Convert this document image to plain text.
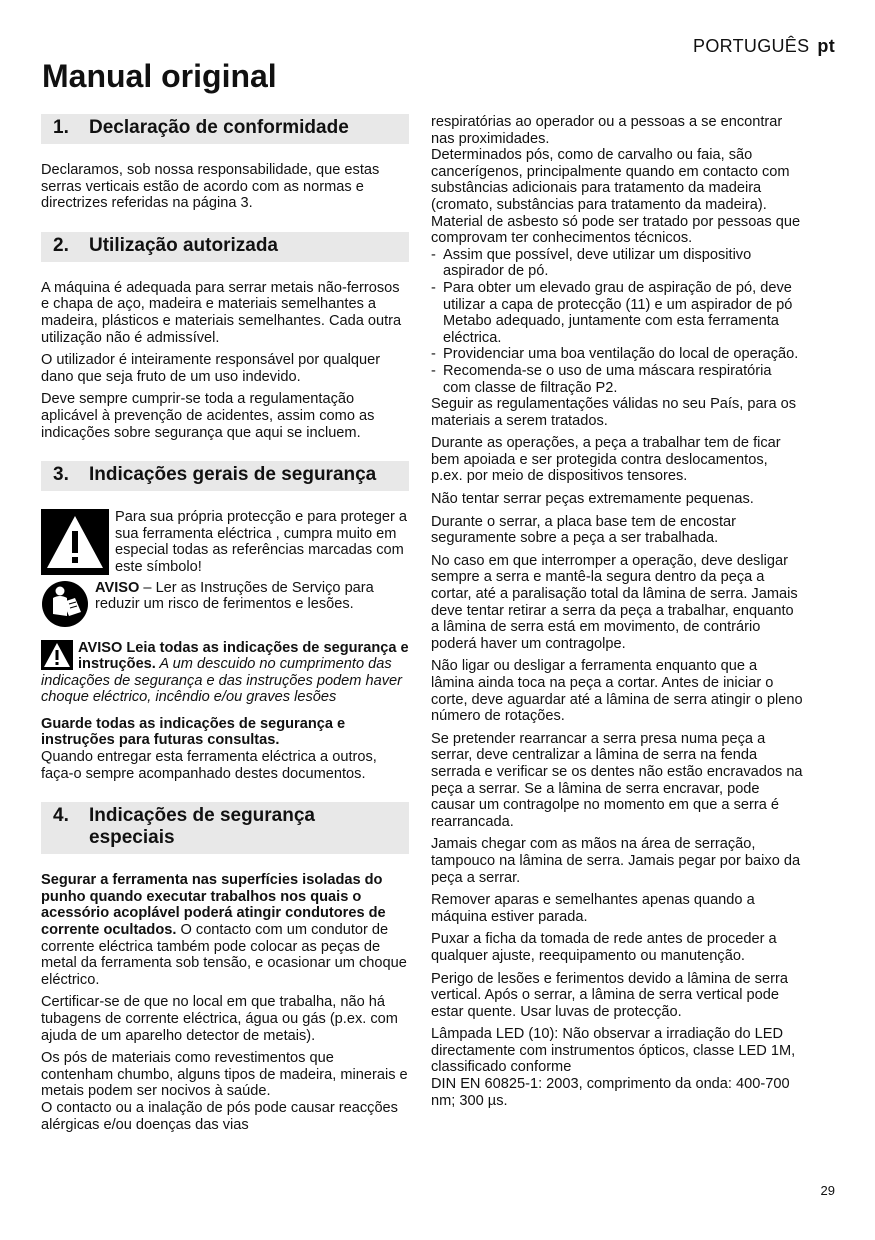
PORTUGUÊS pt
Manual original
1.	Declaração de conformidade

Declaramos, sob nossa responsabilidade, que estas serras verticais estão de acordo com as normas e directrizes referidas na página 3.

2.	Utilização autorizada

A máquina é adequada para serrar metais não-ferrosos e chapa de aço, madeira e materiais semelhantes a madeira, plásticos e materiais semelhantes. Cada outra utilização não é admissível.

O utilizador é inteiramente responsável por qualquer dano que seja fruto de um uso indevido.

Deve sempre cumprir-se toda a regulamentação aplicável à prevenção de acidentes, assim como as indicações sobre segurança que aqui se incluem.

3.	Indicações gerais de segurança
Para sua própria protecção e para proteger a sua ferramenta eléctrica , cumpra muito em especial todas as referências marcadas com este símbolo!
AVISO – Ler as Instruções de Serviço para reduzir um risco de ferimentos e lesões.

AVISO Leia todas as indicações de segurança e instruções. A um descuido no cumprimento das indicações de segurança e das instruções podem haver choque eléctrico, incêndio e/ou graves lesões

Guarde todas as indicações de segurança e instruções para futuras consultas.
Quando entregar esta ferramenta eléctrica a outros, faça-o sempre acompanhado destes documentos.

4.	Indicações de segurança especiais

Segurar a ferramenta nas superfícies isoladas do punho quando executar trabalhos nos quais o acessório acoplável poderá atingir condutores de corrente ocultados. O contacto com um condutor de corrente eléctrica também pode colocar as peças de metal da ferramenta sob tensão, e ocasionar um choque eléctrico.

Certificar-se de que no local em que trabalha, não há tubagens de corrente eléctrica, água ou gás (p.ex. com ajuda de um aparelho detector de metais).

Os pós de materiais como revestimentos que contenham chumbo, alguns tipos de madeira, minerais e metais podem ser nocivos à saúde.

O contacto ou a inalação de pós pode causar reacções alérgicas e/ou doenças das vias

respiratórias ao operador ou a pessoas a se encontrar nas proximidades.

Determinados pós, como de carvalho ou faia, são cancerígenos, principalmente quando em contacto com substâncias adicionais para tratamento da madeira (cromato, substâncias para tratamento da madeira). Material de asbesto só pode ser tratado por pessoas que comprovam ter conhecimentos técnicos.

- Assim que possível, deve utilizar um dispositivo aspirador de pó.
- Para obter um elevado grau de aspiração de pó, deve utilizar a capa de protecção (11) e um aspirador de pó Metabo adequado, juntamente com esta ferramenta eléctrica.
- Providenciar uma boa ventilação do local de operação.
- Recomenda-se o uso de uma máscara respiratória com classe de filtração P2.

Seguir as regulamentações válidas no seu País, para os materiais a serem tratados.

Durante as operações, a peça a trabalhar tem de ficar bem apoiada e ser protegida contra deslocamentos, p.ex. por meio de dispositivos tensores.

Não tentar serrar peças extremamente pequenas.

Durante o serrar, a placa base tem de encostar seguramente sobre a peça a ser trabalhada.

No caso em que interromper a operação, deve desligar sempre a serra e mantê-la segura dentro da peça a cortar, até a paralisação total da lâmina de serra. Jamais deve tentar retirar a serra da peça a trabalhar, enquanto a lâmina de serra está em movimento, de contrário poderá haver um contragolpe.

Não ligar ou desligar a ferramenta enquanto que a lâmina ainda toca na peça a cortar. Antes de iniciar o corte, deve aguardar até a lâmina de serra atingir o pleno número de rotações.

Se pretender rearrancar a serra presa numa peça a serrar, deve centralizar a lâmina de serra na fenda serrada e verificar se os dentes não estão encravados na peça a serrar. Se a lâmina de serra encravar, pode causar um contragolpe no momento em que a serra é rearrancada.

Jamais chegar com as mãos na área de serração, tampouco na lâmina de serra. Jamais pegar por baixo da peça a serrar.

Remover aparas e semelhantes apenas quando a máquina estiver parada.

Puxar a ficha da tomada de rede antes de proceder a qualquer ajuste, reequipamento ou manutenção.

Perigo de lesões e ferimentos devido a lâmina de serra vertical. Após o serrar, a lâmina de serra vertical pode estar quente. Usar luvas de protecção.

Lâmpada LED (10): Não observar a irradiação do LED directamente com instrumentos ópticos, classe LED 1M, classificado conforme

DIN EN 60825-1: 2003, comprimento da onda: 400-700 nm; 300 µs.

29
